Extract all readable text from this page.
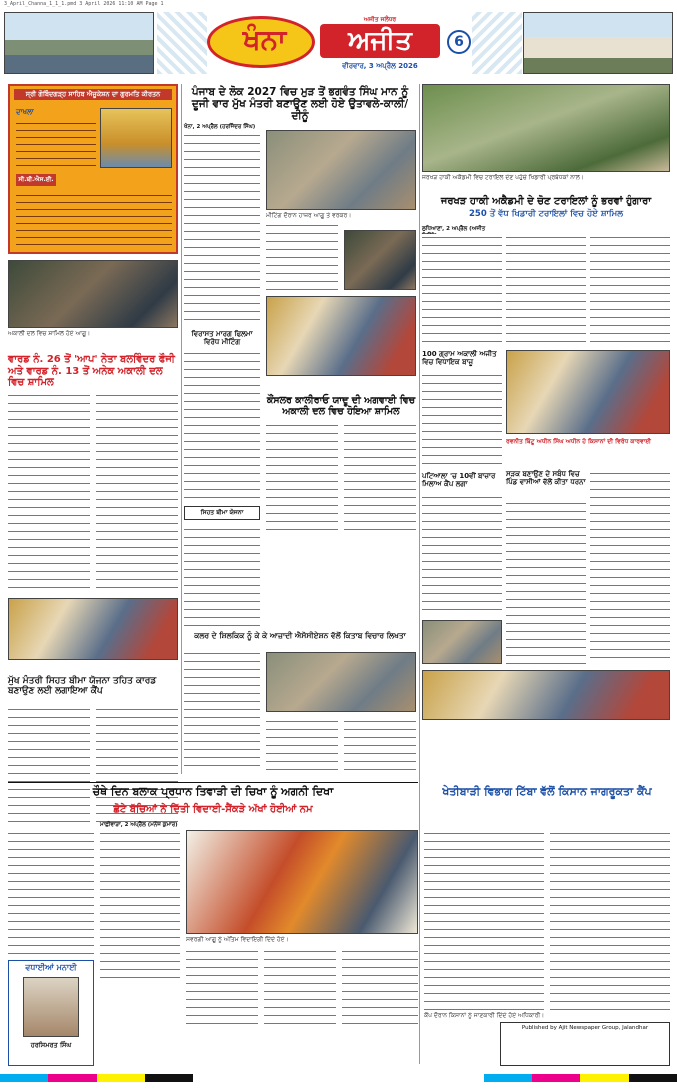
3_April_Channa_1_1_1.pmd 3 April 2026 11:10 AM Page 1
ਖੰਨਾ
ਅਜੀਤ ਜਲੰਧਰ
ਅਜੀਤ
ਵੀਰਵਾਰ, 3 ਅਪ੍ਰੈਲ 2026
6
ਸ੍ਰੀ ਗੋਬਿੰਦਗੜ੍ਹ ਸਾਹਿਬ ਐਜੂਕੇਸ਼ਨ ਦਾ ਗੁਰਮਤਿ ਕੀਰਤਨ
ਦਾਖਲਾ
ਸੀ.ਬੀ.ਐਸ.ਈ.
ਅਕਾਲੀ ਦਲ ਵਿਚ ਸ਼ਾਮਿਲ ਹੋਏ ਆਗੂ।
ਵਾਰਡ ਨੰ. 26 ਤੋਂ 'ਆਪ' ਨੇਤਾ ਬਲਵਿੰਦਰ ਫੌਜੀ ਅਤੇ ਵਾਰਡ ਨੰ. 13 ਤੋਂ ਅਨੇਕ ਅਕਾਲੀ ਦਲ ਵਿਚ ਸ਼ਾਮਿਲ
ਮੁੱਖ ਮੰਤਰੀ ਸਿਹਤ ਬੀਮਾ ਯੋਜਨਾ ਤਹਿਤ ਕਾਰਡ ਬਣਾਉਣ ਲਈ ਲਗਾਇਆ ਕੈਂਪ
ਪੰਜਾਬ ਦੇ ਲੋਕ 2027 ਵਿਚ ਮੁੜ ਤੋਂ ਭਗਵੰਤ ਸਿੰਘ ਮਾਨ ਨੂੰ ਦੂਜੀ ਵਾਰ ਮੁੱਖ ਮੰਤਰੀ ਬਣਾਉਣ ਲਈ ਹੋਏ ਉਤਾਵਲੇ-ਕਾਲੀ/ਦੀਨੂੰ
ਖੰਨਾ, 2 ਅਪ੍ਰੈਲ (ਹਰਜਿੰਦਰ ਸਿੰਘ)
ਮੀਟਿੰਗ ਦੌਰਾਨ ਹਾਜ਼ਰ ਆਗੂ ਤੇ ਵਰਕਰ।
ਵਿਰਾਸਤ ਮਾਰਗ ਫਿਲਮਾ ਵਿਰੋਧ ਮੀਟਿੰਗ
ਸਿਹਤ ਬੀਮਾ ਯੋਜਨਾ
ਕੌਂਸਲਰ ਕਾਲੀਰਾਓ ਯਾਦੂ ਦੀ ਅਗਵਾਈ ਵਿਚ ਅਕਾਲੀ ਦਲ ਵਿਚ ਹੋਇਆ ਸ਼ਾਮਿਲ
ਕਲਰ ਦੇ ਸ਼ਿਲਕਿਕ ਨੂੰ ਕੇ ਕੇ ਆਜ਼ਾਦੀ ਐਸੋਸੀਏਸ਼ਨ ਵੱਲੋਂ ਕਿਤਾਬ ਵਿਚਾਰ ਲਿਖਤਾ
ਜਰਖੜ ਹਾਕੀ ਅਕੈਡਮੀ ਵਿਚ ਟਰਾਇਲ ਦੇਣ ਪਹੁੰਚੇ ਖਿਡਾਰੀ ਪ੍ਰਬੰਧਕਾਂ ਨਾਲ।
ਜਰਖੜ ਹਾਕੀ ਅਕੈਡਮੀ ਦੇ ਚੋਣ ਟਰਾਇਲਾਂ ਨੂੰ ਭਰਵਾਂ ਹੁੰਗਾਰਾ
250 ਤੋਂ ਵੱਧ ਖਿਡਾਰੀ ਟਰਾਇਲਾਂ ਵਿਚ ਹੋਏ ਸ਼ਾਮਿਲ
ਲੁਧਿਆਣਾ, 2 ਅਪ੍ਰੈਲ (ਅਜੀਤ
100 ਗ੍ਰਾਮ ਅਕਾਲੀ ਅਜੀਤ ਵਿਚ ਵਿਧਾਇਕ ਬਾਜ਼ੂ
ਰਵਨੀਤ ਬਿੱਟੂ ਅਧੀਨ ਸਿੰਘ ਅਧੀਨ ਹੋ ਕਿਸਾਨਾਂ ਦੀ ਵਿਰੋਧ ਕਾਰਵਾਈ
ਪਟਿਆਲਾ 'ਚ 10ਵੀਂ ਬਾਜ਼ਾਰ ਮਿਲਾਅ ਕੈਂਪ ਲਗਾ
ਸੜਕ ਬਣਾਉਣ ਦੇ ਸਬੰਧ ਵਿਚ ਪਿੰਡ ਵਾਸੀਆਂ ਵੱਲੋਂ ਕੀਤਾ ਧਰਨਾ
ਚੌਥੇ ਦਿਨ ਬਲਾਕ ਪ੍ਰਧਾਨ ਤਿਵਾੜੀ ਦੀ ਚਿਖਾ ਨੂੰ ਅਗਨੀ ਦਿਖਾ
ਛੋਟੇ ਬੱਚਿਆਂ ਨੇ ਦਿੱਤੀ ਵਿਦਾਈ-ਸੈਂਕੜੇ ਅੱਖਾਂ ਹੋਈਆਂ ਨਮ
ਮਾਛੀਵਾੜਾ, 2 ਅਪ੍ਰੈਲ (ਮਨੋਜ ਕੁਮਾਰ)
ਸਵਰਗੀ ਆਗੂ ਨੂੰ ਅੰਤਿਮ ਵਿਦਾਇਗੀ ਦਿੰਦੇ ਹੋਏ।
ਵਧਾਈਆਂ ਮਨਾਈ
ਹਰਸਿਮਰਤ ਸਿੰਘ
ਖੇਤੀਬਾੜੀ ਵਿਭਾਗ ਟਿੱਬਾ ਵੱਲੋਂ ਕਿਸਾਨ ਜਾਗਰੂਕਤਾ ਕੈਂਪ
ਕੈਂਪ ਦੌਰਾਨ ਕਿਸਾਨਾਂ ਨੂੰ ਜਾਣਕਾਰੀ ਦਿੰਦੇ ਹੋਏ ਅਧਿਕਾਰੀ।
Published by Ajit Newspaper Group, Jalandhar
